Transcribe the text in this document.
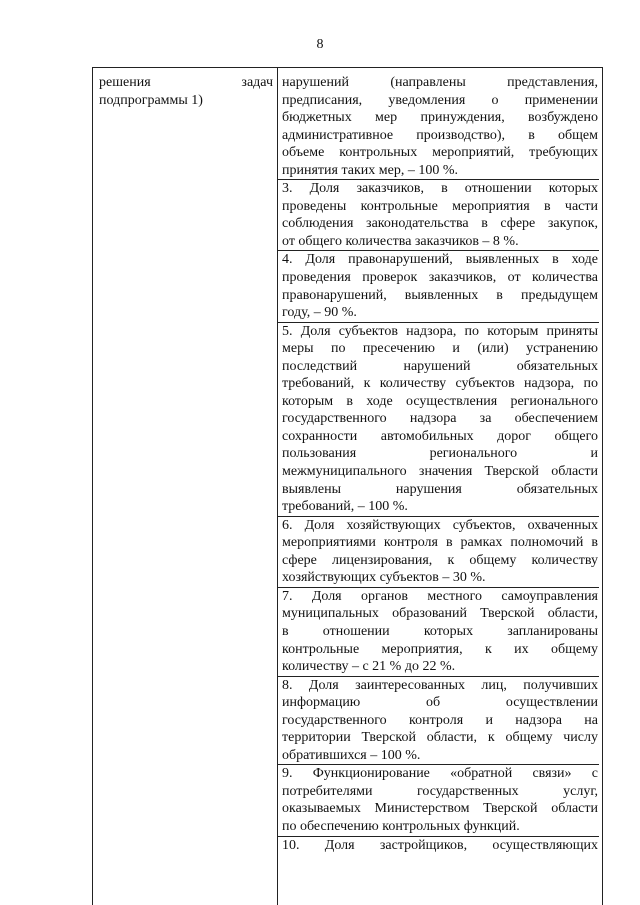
8
решения задач
подпрограммы 1)
нарушений (направлены представления,
предписания, уведомления о применении
бюджетных мер принуждения, возбуждено
административное производство), в общем
объеме контрольных мероприятий, требующих
принятия таких мер, – 100 %.
3. Доля заказчиков, в отношении которых
проведены контрольные мероприятия в части
соблюдения законодательства в сфере закупок,
от общего количества заказчиков – 8 %.
4. Доля правонарушений, выявленных в ходе
проведения проверок заказчиков, от количества
правонарушений, выявленных в предыдущем
году, – 90 %.
5. Доля субъектов надзора, по которым приняты
меры по пресечению и (или) устранению
последствий нарушений обязательных
требований, к количеству субъектов надзора, по
которым в ходе осуществления регионального
государственного надзора за обеспечением
сохранности автомобильных дорог общего
пользования регионального и
межмуниципального значения Тверской области
выявлены нарушения обязательных
требований, – 100 %.
6. Доля хозяйствующих субъектов, охваченных
мероприятиями контроля в рамках полномочий в
сфере лицензирования, к общему количеству
хозяйствующих субъектов – 30 %.
7. Доля органов местного самоуправления
муниципальных образований Тверской области,
в отношении которых запланированы
контрольные мероприятия, к их общему
количеству – с 21 % до 22 %.
8. Доля заинтересованных лиц, получивших
информацию об осуществлении
государственного контроля и надзора на
территории Тверской области, к общему числу
обратившихся – 100 %.
9. Функционирование «обратной связи» с
потребителями государственных услуг,
оказываемых Министерством Тверской области
по обеспечению контрольных функций.
10. Доля застройщиков, осуществляющих
